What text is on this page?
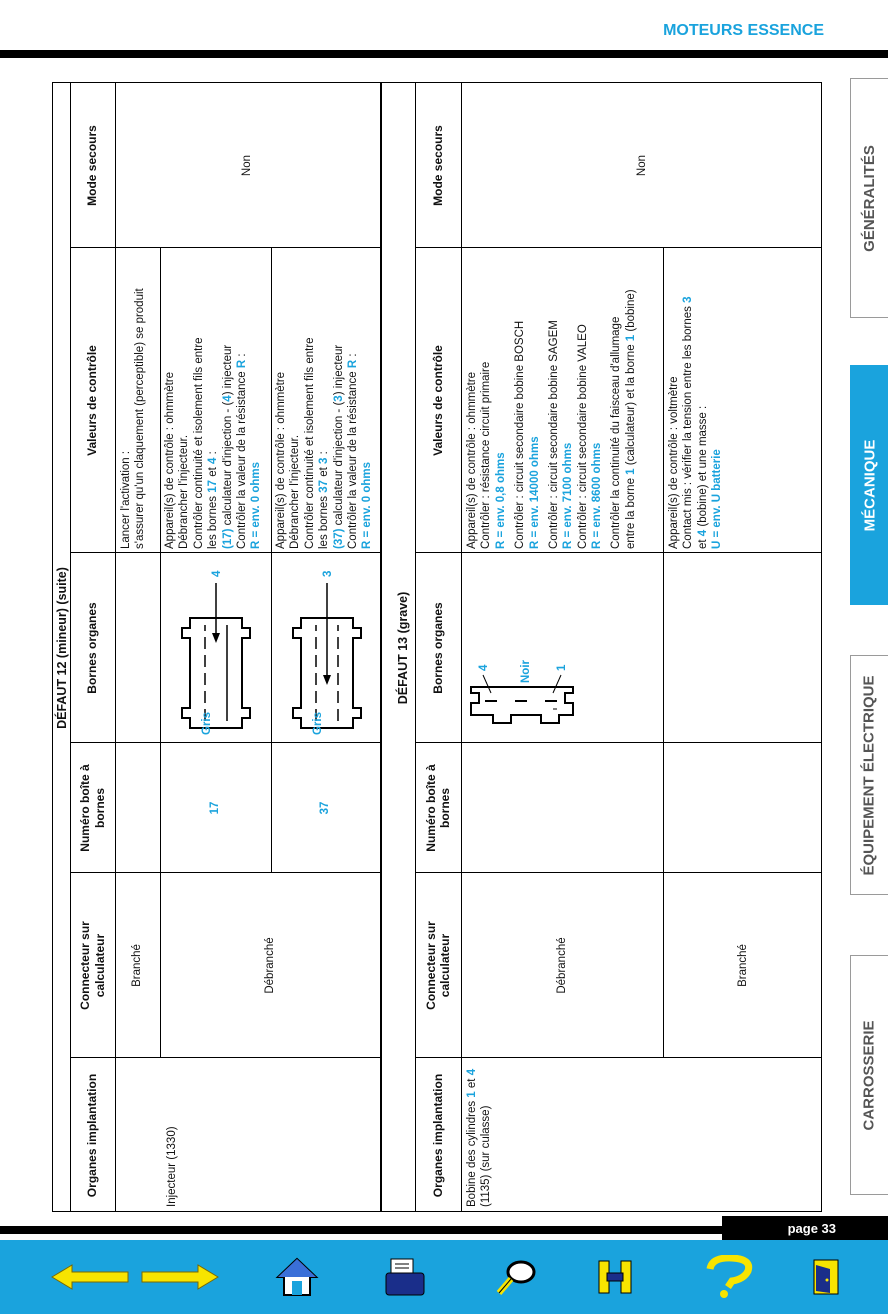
MOTEURS ESSENCE
GÉNÉRALITÉS
MÉCANIQUE
ÉQUIPEMENT ÉLECTRIQUE
CARROSSERIE
DÉFAUT 12 (mineur) (suite)
Organes implantation
Connecteur sur calculateur
Numéro boîte à bornes
Bornes organes
Valeurs de contrôle
Mode secours
Injecteur (1330)
Branché
Lancer l'activation : s'assurer qu'un claquement (perceptible) se produit
Débranché
17
4
Gris
Appareil(s) de contrôle : ohmmètre Débrancher l'injecteur. Contrôler continuité et isolement fils entre les bornes 17 et 4 :
(17) calculateur d'injection - (4) injecteur Contrôler la valeur de la résistance R :
R = env. 0 ohms
37
3
Gris
Appareil(s) de contrôle : ohmmètre Débrancher l'injecteur. Contrôler continuité et isolement fils entre les bornes 37 et 3 :
(37) calculateur d'injection - (3) injecteur Contrôler la valeur de la résistance R :
R = env. 0 ohms
Non
DÉFAUT 13 (grave)
Organes implantation
Connecteur sur calculateur
Numéro boîte à bornes
Bornes organes
Valeurs de contrôle
Mode secours
Bobine des cylindres 1 et 4
(1135) (sur culasse)
Débranché
4	1
Noir
Appareil(s) de contrôle : ohmmètre Contrôler : résistance circuit primaire R = env. 0,8 ohms Contrôler : circuit secondaire bobine BOSCH R = env. 14000 ohms Contrôler : circuit secondaire bobine SAGEM R = env. 7100 ohms Contrôler : circuit secondaire bobine VALEO R = env. 8600 ohms Contrôler la continuité du faisceau d'allumage entre la borne 1 (calculateur) et la borne 1 (bobine)
Branché
Appareil(s) de contrôle : voltmètre Contact mis : vérifier la tension entre les bornes 3
et 4 (bobine) et une masse : U = env. U batterie
Non
page 33
